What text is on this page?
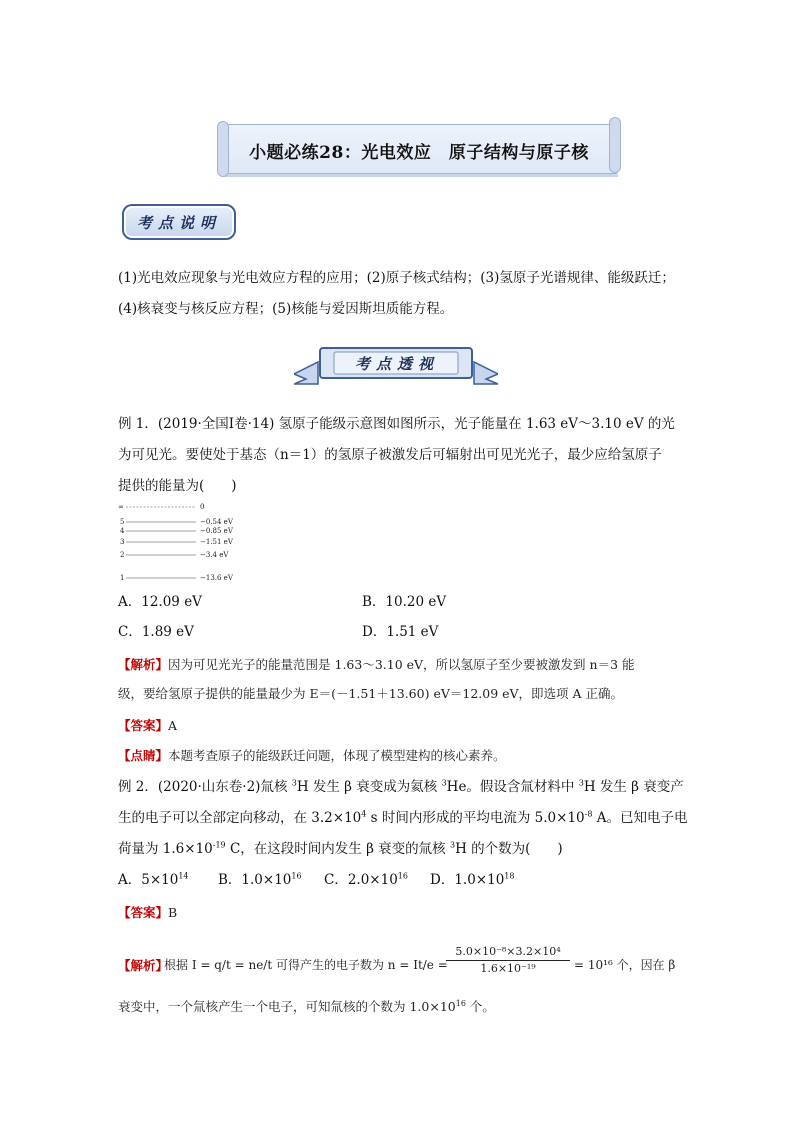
小题必练28：光电效应　原子结构与原子核
考点说明
(1)光电效应现象与光电效应方程的应用；(2)原子核式结构；(3)氢原子光谱规律、能级跃迁；
(4)核衰变与核反应方程；(5)核能与爱因斯坦质能方程。
考点透视
例 1．(2019·全国Ⅰ卷·14) 氢原子能级示意图如图所示，光子能量在 1.63 eV～3.10 eV 的光
为可见光。要使处于基态（n＝1）的氢原子被激发后可辐射出可见光光子，最少应给氢原子
提供的能量为(　　)
∞	0
5	−0.54 eV
4	−0.85 eV
3	−1.51 eV
2	−3.4 eV
1	−13.6 eV
A．12.09 eV	B．10.20 eV
C．1.89 eV	D．1.51 eV
【解析】因为可见光光子的能量范围是 1.63～3.10 eV，所以氢原子至少要被激发到 n＝3 能
级，要给氢原子提供的能量最少为 E＝(－1.51＋13.60) eV＝12.09 eV，即选项 A 正确。
【答案】A
【点睛】本题考查原子的能级跃迁问题，体现了模型建构的核心素养。
例 2．(2020·山东卷·2)氚核 $^3$H 发生 β 衰变成为氦核 $^3$He。假设含氚材料中 $^3$H 发生 β 衰变产
生的电子可以全部定向移动，在 $3.2\times 10^4$ s 时间内形成的平均电流为 $5.0\times 10^{-8}$ A。已知电子电
荷量为 $1.6\times 10^{-19}$ C，在这段时间内发生 β 衰变的氚核 $^3$H 的个数为(　　)
A．$5\times 10^{14}$ B．$1.0\times 10^{16}$ C．$2.0\times 10^{16}$ D．$1.0\times 10^{18}$
【答案】B
【解析】
根据 I = q/t = ne/t 可得产生的电子数为 n = It/e =
$\frac{\text{5.0×10⁻⁸×3.2×10⁴}}{\text{1.6×10⁻¹⁹}} = 10^{16}$ 个，因在 β
衰变中，一个氚核产生一个电子，可知氚核的个数为 $1.0\times 10^{16}$ 个。
